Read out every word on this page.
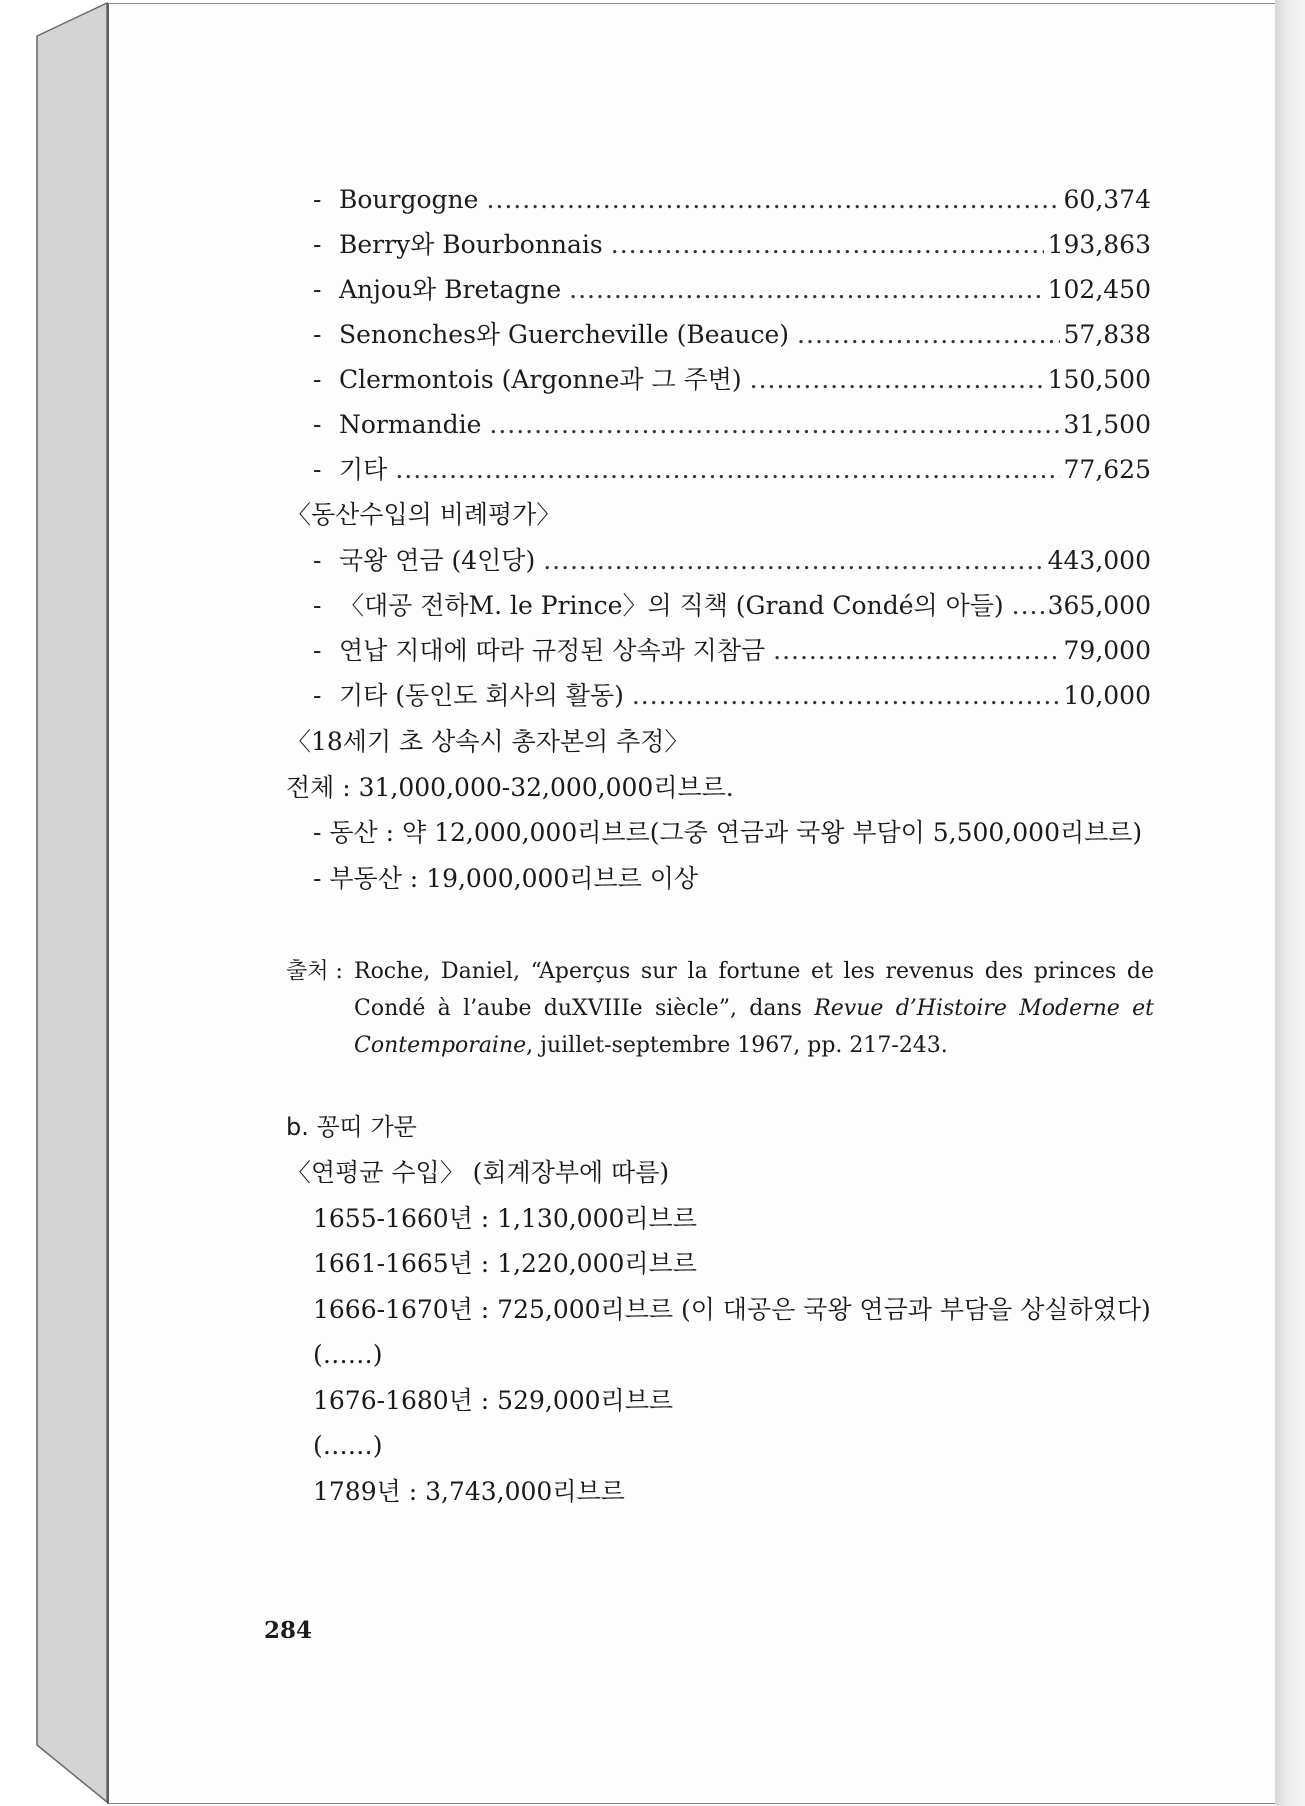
- Bourgogne .....	60,374
- Berry와 Bourbonnais .....	193,863
- Anjou와 Bretagne .....	102,450
- Senonches와 Guercheville (Beauce) .....	57,838
- Clermontois (Argonne과 그 주변) .....	150,500
- Normandie .....	31,500
- 기타 .....	77,625
〈동산수입의 비례평가〉
- 국왕 연금 (4인당) .....	443,000
- 〈대공 전하M. le Prince〉의 직책 (Grand Condé의 아들) .....	365,000
- 연납 지대에 따라 규정된 상속과 지참금 .....	79,000
- 기타 (동인도 회사의 활동) .....	10,000
〈18세기 초 상속시 총자본의 추정〉
전체 : 31,000,000-32,000,000리브르.
- 동산 : 약 12,000,000리브르(그중 연금과 국왕 부담이 5,500,000리브르)
- 부동산 : 19,000,000리브르 이상
출처 : Roche, Daniel, “Aperçus sur la fortune et les revenus des princes de Condé à l’aube duXVIIIe siècle”, dans Revue d’Histoire Moderne et Contemporaine, juillet-septembre 1967, pp. 217-243.
b. 꽁띠 가문
〈연평균 수입〉 (회계장부에 따름)
1655-1660년 : 1,130,000리브르
1661-1665년 : 1,220,000리브르
1666-1670년 : 725,000리브르 (이 대공은 국왕 연금과 부담을 상실하였다)
(……)
1676-1680년 : 529,000리브르
(……)
1789년 : 3,743,000리브르
284
